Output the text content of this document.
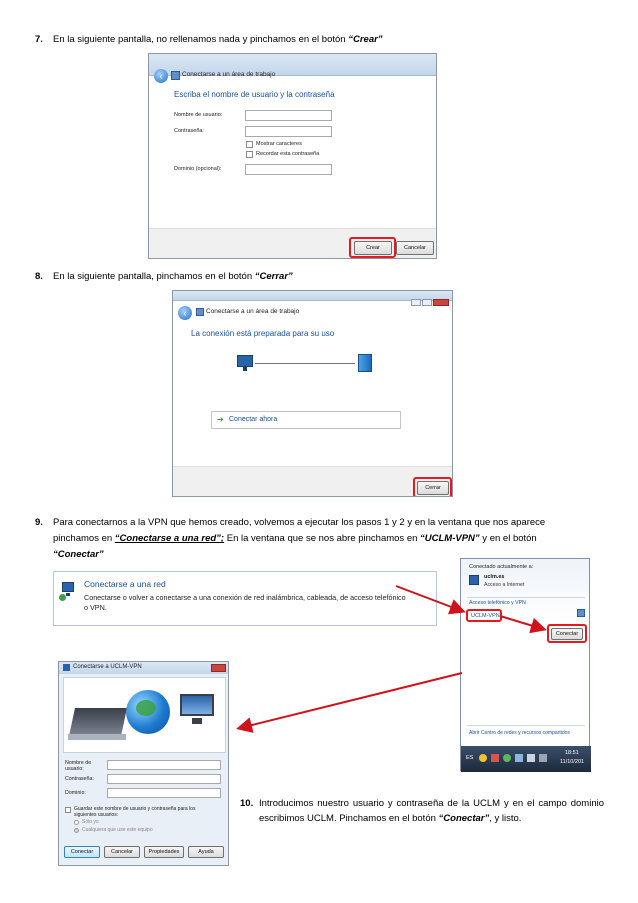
7. En la siguiente pantalla, no rellenamos nada y pinchamos en el botón “Crear”
‹	Conectarse a un área de trabajo
Escriba el nombre de usuario y la contraseña
Nombre de usuario:
Contraseña:
Mostrar caracteres
Recordar esta contraseña
Dominio (opcional):
Crear	Cancelar
8. En la siguiente pantalla, pinchamos en el botón “Cerrar”
‹	Conectarse a un área de trabajo
La conexión está preparada para su uso
➔ Conectar ahora
Cerrar
9. Para conectarnos a la VPN que hemos creado, volvemos a ejecutar los pasos 1 y 2 y en la ventana que nos aparece
pinchamos en “Conectarse a una red”; En la ventana que se nos abre pinchamos en “UCLM-VPN” y en el botón
“Conectar”
Conectarse a una red
Conectarse o volver a conectarse a una conexión de red inalámbrica, cableada, de acceso telefónico
o VPN.
Conectado actualmente a:
uclm.es
Acceso a Internet
Acceso telefónico y VPN
UCLM-VPN
Conectar
Abrir Centro de redes y recursos compartidos
ES
18:51
11/10/201
Conectarse a UCLM-VPN
Nombre de
usuario:
Contraseña:
Dominio:
Guardar este nombre de usuario y contraseña para los
siguientes usuarios:
Sólo yo
Cualquiera que use este equipo
Conectar	Cancelar	Propiedades	Ayuda
10. Introducimos nuestro usuario y contraseña de la UCLM y en el campo dominio escribimos UCLM. Pinchamos en el botón “Conectar”, y listo.
